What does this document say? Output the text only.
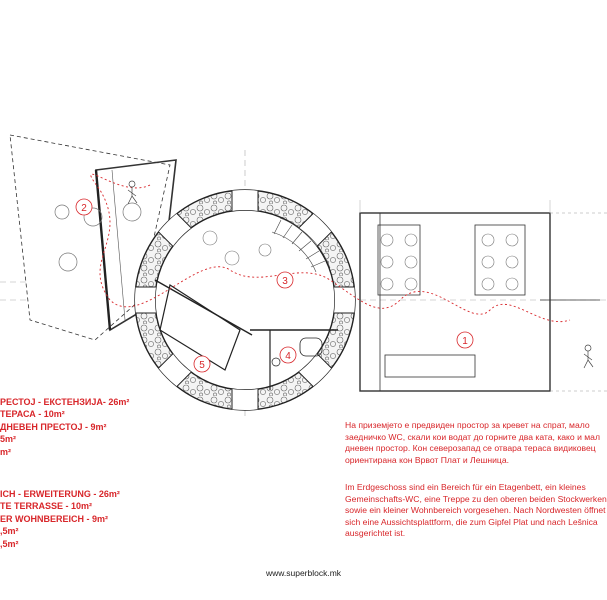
1
2
3
4
5
РЕСТОЈ - ЕКСТЕНЗИЈА- 26m²
ТЕРАСА - 10m²
ДНЕВЕН ПРЕСТОЈ - 9m²
5m²
m²
ICH - ERWEITERUNG - 26m²
TE TERRASSE - 10m²
ER WOHNBEREICH - 9m²
,5m²
,5m²
На приземјето е предвиден простор за кревет на спрат, мало заедничко WC, скали кои водат до горните два ката, како и мал дневен простор. Кон северозапад се отвара тераса видиковец ориентирана кон Врвот Плат и Лешница.
Im Erdgeschoss sind ein Bereich für ein Etagenbett, ein kleines Gemeinschafts-WC, eine Treppe zu den oberen beiden Stockwerken sowie ein kleiner Wohnbereich vorgesehen. Nach Nordwesten öffnet sich eine Aussichtsplattform, die zum Gipfel Plat und nach Lešnica ausgerichtet ist.
www.superblock.mk
